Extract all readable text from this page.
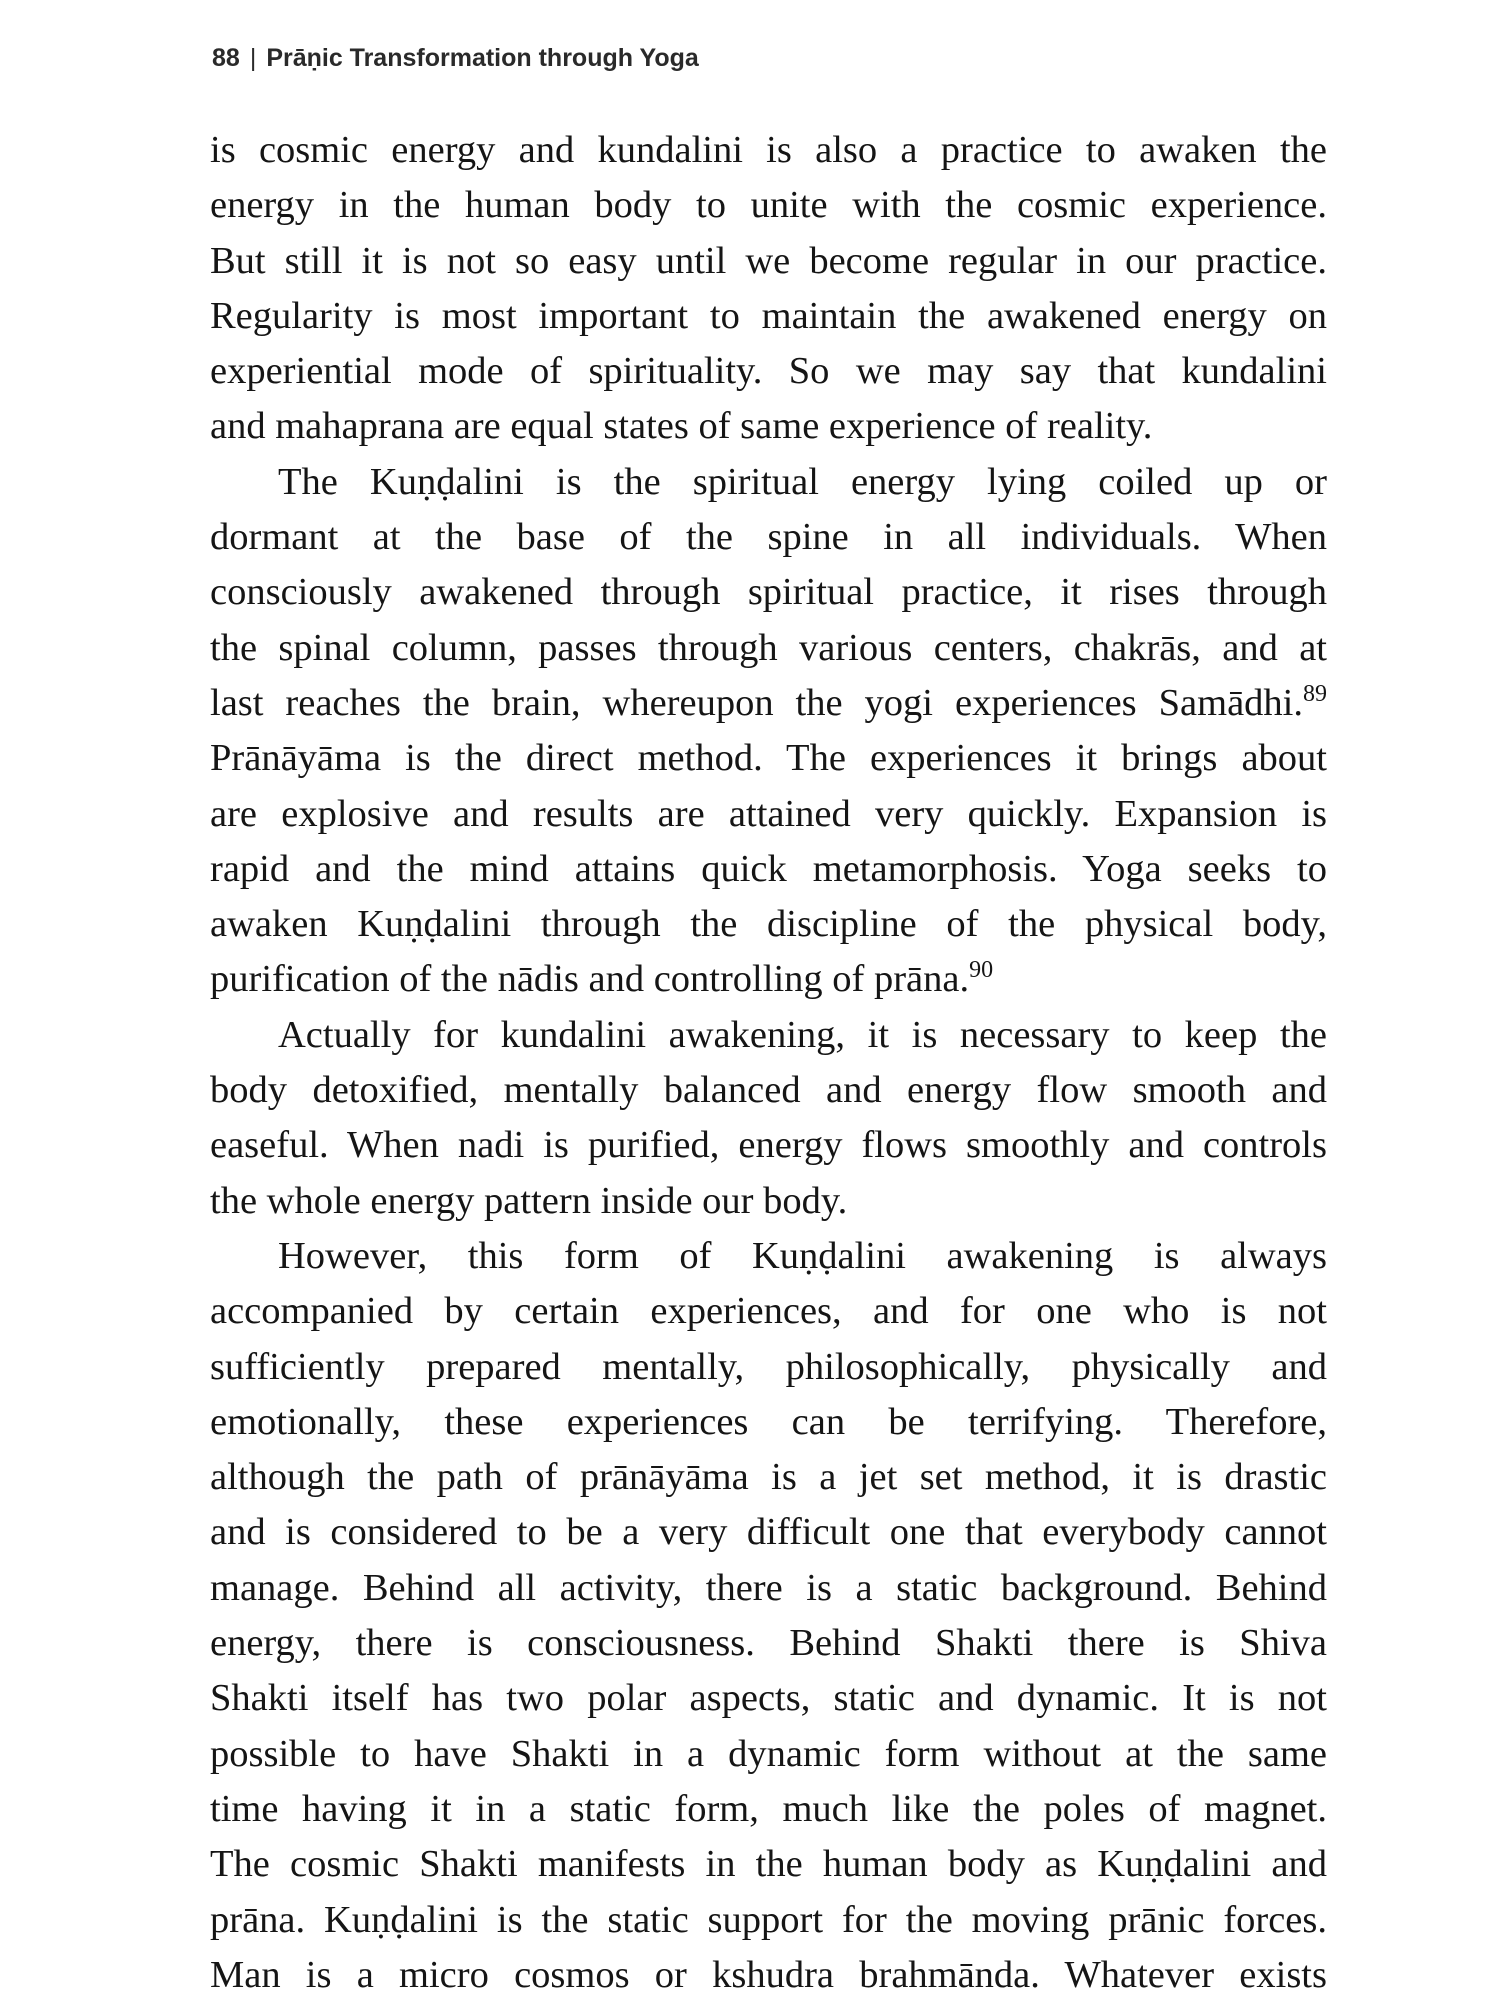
88 | Prāṇic Transformation through Yoga
is cosmic energy and kundalini is also a practice to awaken the
energy in the human body to unite with the cosmic experience.
But still it is not so easy until we become regular in our practice.
Regularity is most important to maintain the awakened energy on
experiential mode of spirituality. So we may say that kundalini
and mahaprana are equal states of same experience of reality.
The Kuṇḍalini is the spiritual energy lying coiled up or
dormant at the base of the spine in all individuals. When
consciously awakened through spiritual practice, it rises through
the spinal column, passes through various centers, chakrās, and at
last reaches the brain, whereupon the yogi experiences Samādhi.$^{89}$
Prānāyāma is the direct method. The experiences it brings about
are explosive and results are attained very quickly. Expansion is
rapid and the mind attains quick metamorphosis. Yoga seeks to
awaken Kuṇḍalini through the discipline of the physical body,
purification of the nādis and controlling of prāna.$^{90}$
Actually for kundalini awakening, it is necessary to keep the
body detoxified, mentally balanced and energy flow smooth and
easeful. When nadi is purified, energy flows smoothly and controls
the whole energy pattern inside our body.
However, this form of Kuṇḍalini awakening is always
accompanied by certain experiences, and for one who is not
sufficiently prepared mentally, philosophically, physically and
emotionally, these experiences can be terrifying. Therefore,
although the path of prānāyāma is a jet set method, it is drastic
and is considered to be a very difficult one that everybody cannot
manage. Behind all activity, there is a static background. Behind
energy, there is consciousness. Behind Shakti there is Shiva
Shakti itself has two polar aspects, static and dynamic. It is not
possible to have Shakti in a dynamic form without at the same
time having it in a static form, much like the poles of magnet.
The cosmic Shakti manifests in the human body as Kuṇḍalini and
prāna. Kuṇḍalini is the static support for the moving prānic forces.
Man is a micro cosmos or kshudra brahmānda. Whatever exists
